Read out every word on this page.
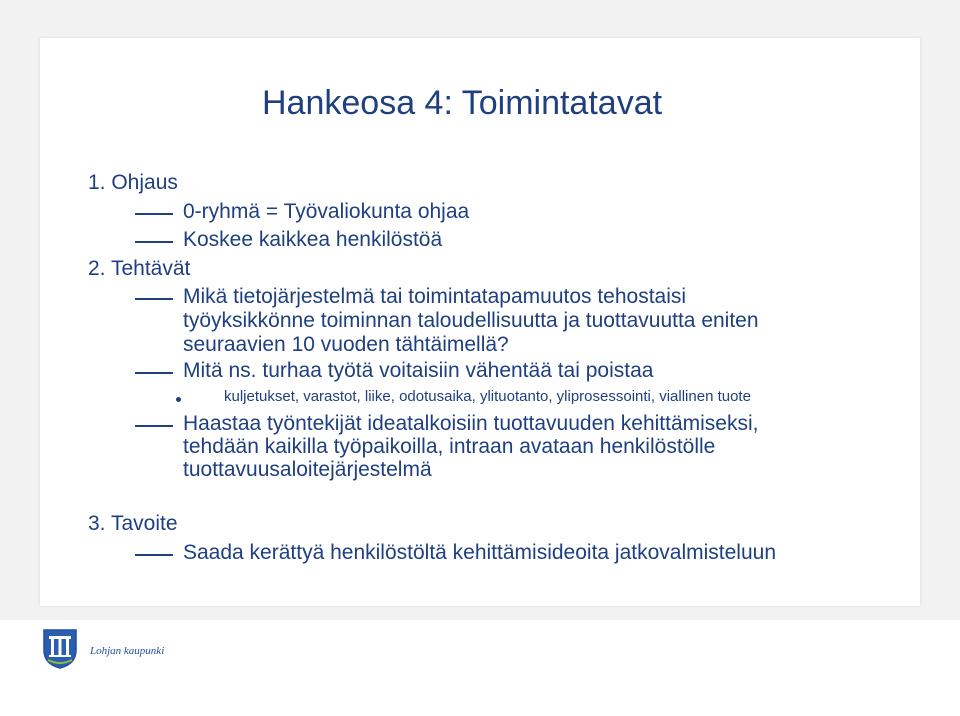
Hankeosa 4: Toimintatavat
1. Ohjaus
0-ryhmä = Työvaliokunta ohjaa
Koskee kaikkea henkilöstöä
2. Tehtävät
Mikä tietojärjestelmä tai toimintatapamuutos tehostaisi
työyksikkönne toiminnan taloudellisuutta ja tuottavuutta eniten
seuraavien 10 vuoden tähtäimellä?
Mitä ns. turhaa työtä voitaisiin vähentää tai poistaa
kuljetukset, varastot, liike, odotusaika, ylituotanto, yliprosessointi, viallinen tuote
Haastaa työntekijät ideatalkoisiin tuottavuuden kehittämiseksi,
tehdään kaikilla työpaikoilla, intraan avataan henkilöstölle
tuottavuusaloitejärjestelmä
3. Tavoite
Saada kerättyä henkilöstöltä kehittämisideoita jatkovalmisteluun
Lohjan kaupunki
